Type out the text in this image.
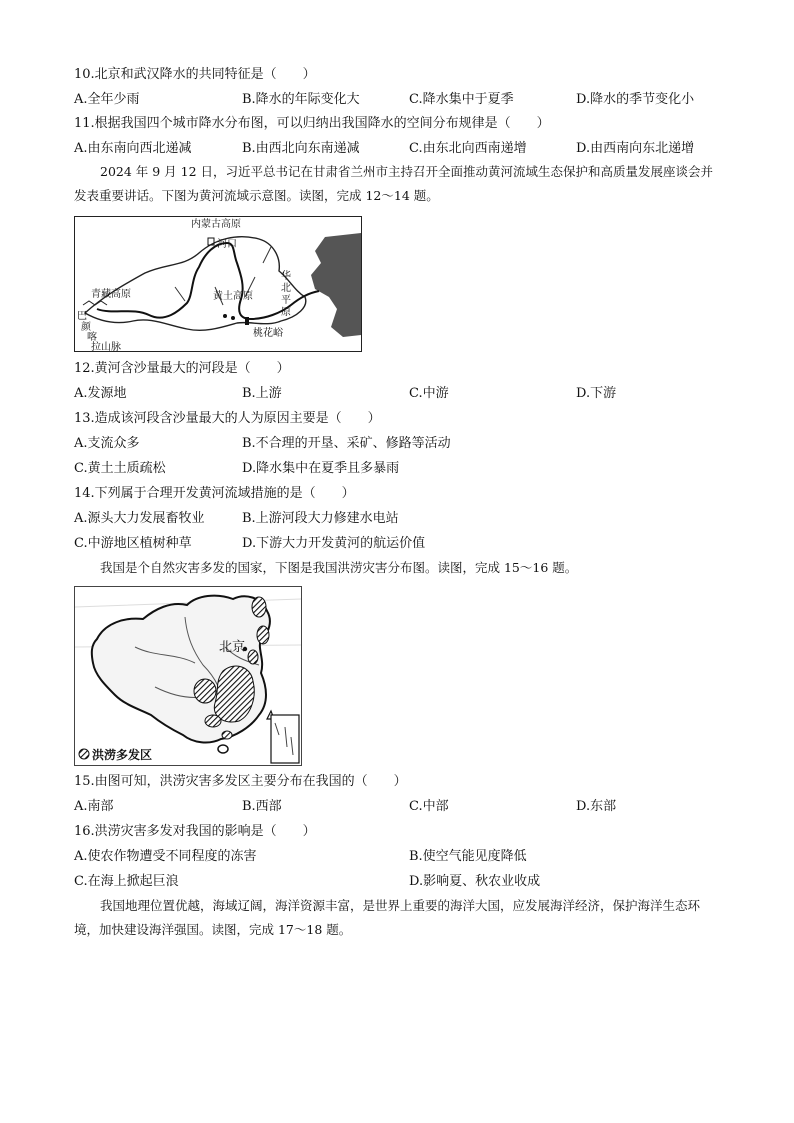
10.北京和武汉降水的共同特征是（　　）
A.全年少雨	B.降水的年际变化大	C.降水集中于夏季	D.降水的季节变化小
11.根据我国四个城市降水分布图，可以归纳出我国降水的空间分布规律是（　　）
A.由东南向西北递减	B.由西北向东南递减	C.由东北向西南递增	D.由西南向东北递增
2024 年 9 月 12 日，习近平总书记在甘肃省兰州市主持召开全面推动黄河流域生态保护和高质量发展座谈会并发表重要讲话。下图为黄河流域示意图。读图，完成 12～14 题。
内蒙古高原
河口
青藏高原	黄土高原
桃花峪
华
北
平
原
巴
颜
喀
拉山脉
12.黄河含沙量最大的河段是（　　）
A.发源地	B.上游	C.中游	D.下游
13.造成该河段含沙量最大的人为原因主要是（　　）
A.支流众多	B.不合理的开垦、采矿、修路等活动
C.黄土土质疏松	D.降水集中在夏季且多暴雨
14.下列属于合理开发黄河流域措施的是（　　）
A.源头大力发展畜牧业	B.上游河段大力修建水电站
C.中游地区植树种草	D.下游大力开发黄河的航运价值
我国是个自然灾害多发的国家，下图是我国洪涝灾害分布图。读图，完成 15～16 题。
北京
洪涝多发区
15.由图可知，洪涝灾害多发区主要分布在我国的（　　）
A.南部	B.西部	C.中部	D.东部
16.洪涝灾害多发对我国的影响是（　　）
A.使农作物遭受不同程度的冻害	B.使空气能见度降低
C.在海上掀起巨浪	D.影响夏、秋农业收成
我国地理位置优越，海域辽阔，海洋资源丰富，是世界上重要的海洋大国，应发展海洋经济，保护海洋生态环境，加快建设海洋强国。读图，完成 17～18 题。
